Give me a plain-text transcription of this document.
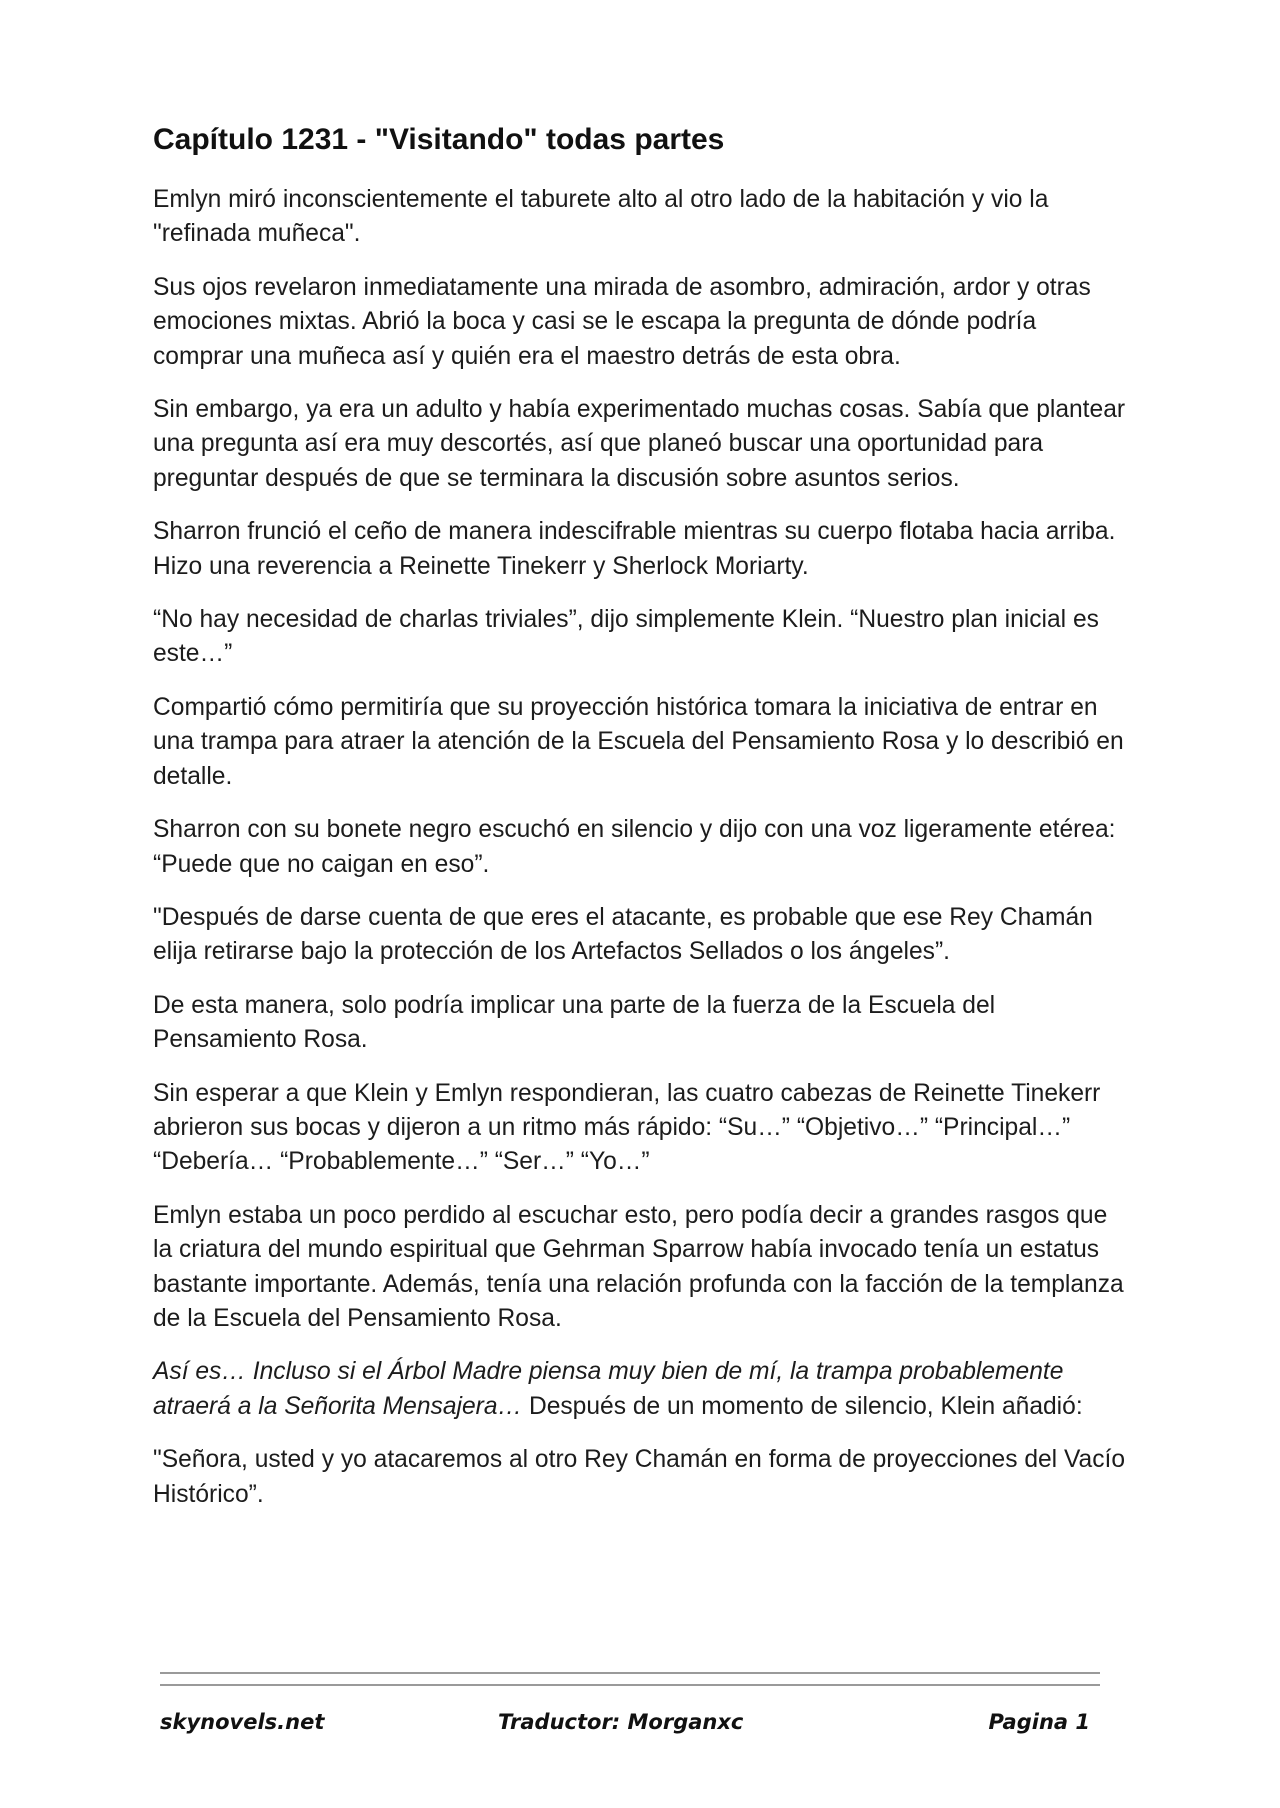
Capítulo 1231 - "Visitando" todas partes

Emlyn miró inconscientemente el taburete alto al otro lado de la habitación y vio la "refinada muñeca".

Sus ojos revelaron inmediatamente una mirada de asombro, admiración, ardor y otras emociones mixtas. Abrió la boca y casi se le escapa la pregunta de dónde podría comprar una muñeca así y quién era el maestro detrás de esta obra.

Sin embargo, ya era un adulto y había experimentado muchas cosas. Sabía que plantear una pregunta así era muy descortés, así que planeó buscar una oportunidad para preguntar después de que se terminara la discusión sobre asuntos serios.

Sharron frunció el ceño de manera indescifrable mientras su cuerpo flotaba hacia arriba. Hizo una reverencia a Reinette Tinekerr y Sherlock Moriarty.

“No hay necesidad de charlas triviales”, dijo simplemente Klein. “Nuestro plan inicial es este…”

Compartió cómo permitiría que su proyección histórica tomara la iniciativa de entrar en una trampa para atraer la atención de la Escuela del Pensamiento Rosa y lo describió en detalle.

Sharron con su bonete negro escuchó en silencio y dijo con una voz ligeramente etérea: “Puede que no caigan en eso”.

"Después de darse cuenta de que eres el atacante, es probable que ese Rey Chamán elija retirarse bajo la protección de los Artefactos Sellados o los ángeles”.

De esta manera, solo podría implicar una parte de la fuerza de la Escuela del Pensamiento Rosa.

Sin esperar a que Klein y Emlyn respondieran, las cuatro cabezas de Reinette Tinekerr abrieron sus bocas y dijeron a un ritmo más rápido: “Su…” “Objetivo…” “Principal…” “Debería… “Probablemente…” “Ser…” “Yo…”

Emlyn estaba un poco perdido al escuchar esto, pero podía decir a grandes rasgos que la criatura del mundo espiritual que Gehrman Sparrow había invocado tenía un estatus bastante importante. Además, tenía una relación profunda con la facción de la templanza de la Escuela del Pensamiento Rosa.

Así es… Incluso si el Árbol Madre piensa muy bien de mí, la trampa probablemente atraerá a la Señorita Mensajera… Después de un momento de silencio, Klein añadió:

"Señora, usted y yo atacaremos al otro Rey Chamán en forma de proyecciones del Vacío Histórico”.

skynovels.net	Traductor: Morganxc	Pagina 1
